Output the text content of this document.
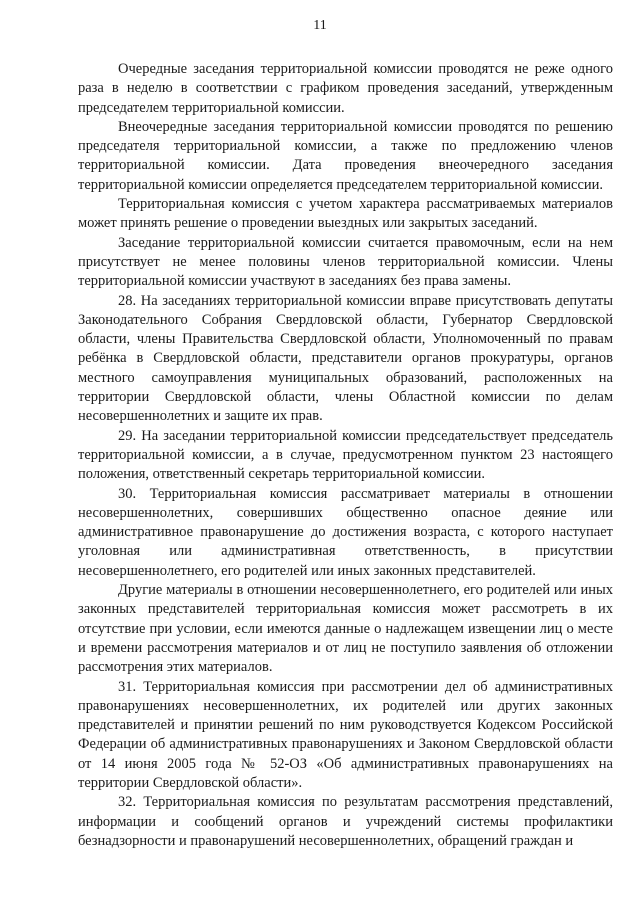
11

Очередные заседания территориальной комиссии проводятся не реже одного раза в неделю в соответствии с графиком проведения заседаний, утвержденным председателем территориальной комиссии.

Внеочередные заседания территориальной комиссии проводятся по решению председателя территориальной комиссии, а также по предложению членов территориальной комиссии. Дата проведения внеочередного заседания территориальной комиссии определяется председателем территориальной комиссии.

Территориальная комиссия с учетом характера рассматриваемых материалов может принять решение о проведении выездных или закрытых заседаний.

Заседание территориальной комиссии считается правомочным, если на нем присутствует не менее половины членов территориальной комиссии. Члены территориальной комиссии участвуют в заседаниях без права замены.

28. На заседаниях территориальной комиссии вправе присутствовать депутаты Законодательного Собрания Свердловской области, Губернатор Свердловской области, члены Правительства Свердловской области, Уполномоченный по правам ребёнка в Свердловской области, представители органов прокуратуры, органов местного самоуправления муниципальных образований, расположенных на территории Свердловской области, члены Областной комиссии по делам несовершеннолетних и защите их прав.

29. На заседании территориальной комиссии председательствует председатель территориальной комиссии, а в случае, предусмотренном пунктом 23 настоящего положения, ответственный секретарь территориальной комиссии.

30. Территориальная комиссия рассматривает материалы в отношении несовершеннолетних, совершивших общественно опасное деяние или административное правонарушение до достижения возраста, с которого наступает уголовная или административная ответственность, в присутствии несовершеннолетнего, его родителей или иных законных представителей.

Другие материалы в отношении несовершеннолетнего, его родителей или иных законных представителей территориальная комиссия может рассмотреть в их отсутствие при условии, если имеются данные о надлежащем извещении лиц о месте и времени рассмотрения материалов и от лиц не поступило заявления об отложении рассмотрения этих материалов.

31. Территориальная комиссия при рассмотрении дел об административных правонарушениях несовершеннолетних, их родителей или других законных представителей и принятии решений по ним руководствуется Кодексом Российской Федерации об административных правонарушениях и Законом Свердловской области от 14 июня 2005 года № 52-ОЗ «Об административных правонарушениях на территории Свердловской области».

32. Территориальная комиссия по результатам рассмотрения представлений, информации и сообщений органов и учреждений системы профилактики безнадзорности и правонарушений несовершеннолетних, обращений граждан и
